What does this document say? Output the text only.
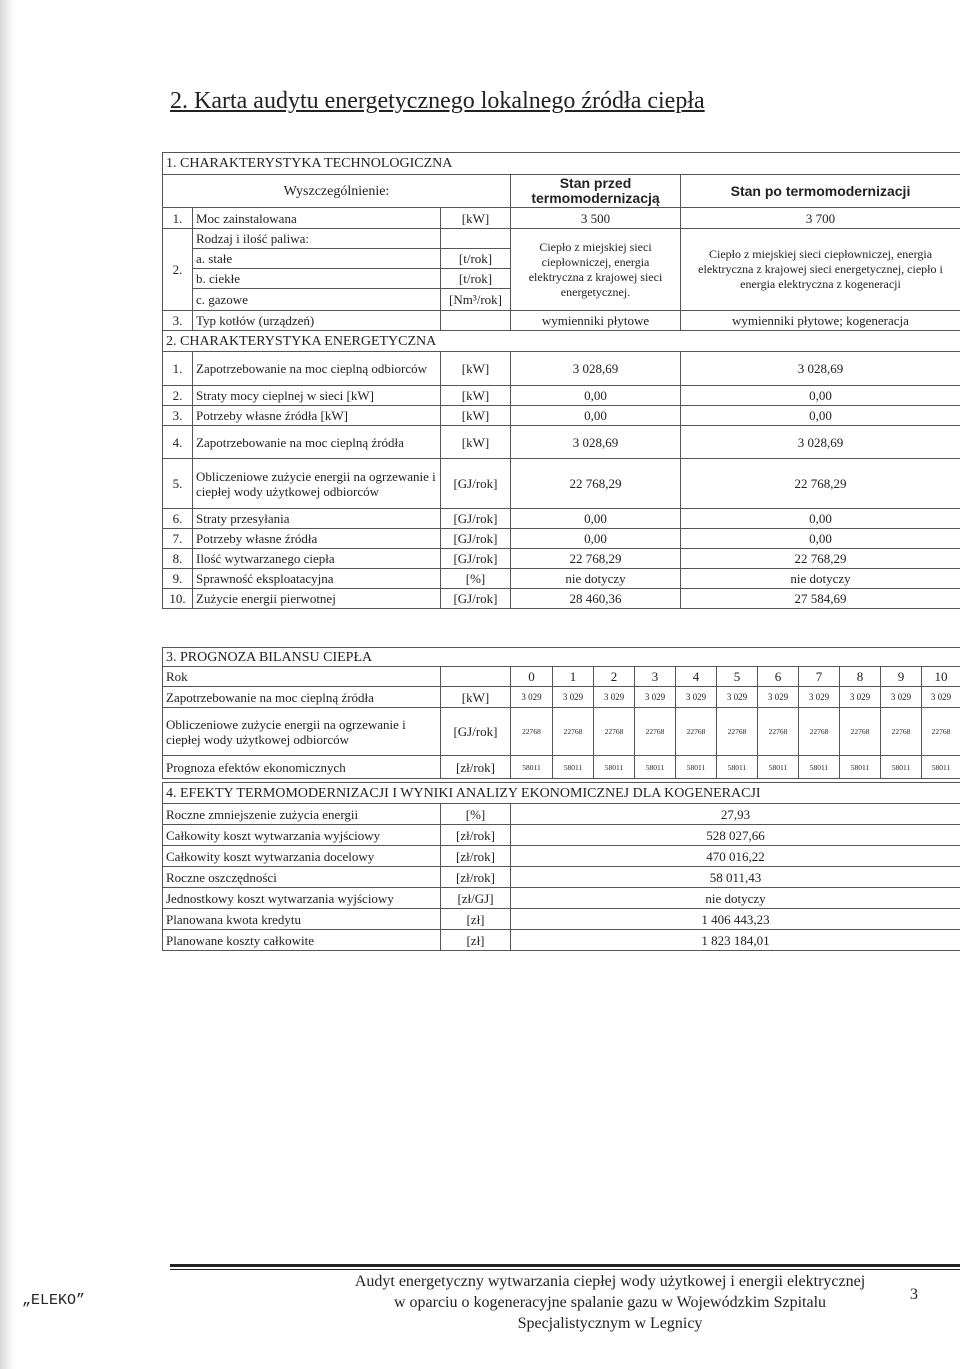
2. Karta audytu energetycznego lokalnego źródła ciepła
1. CHARAKTERYSTYKA TECHNOLOGICZNA				
Wyszczególnienie:			Stan przed termomodernizacją	Stan po termomodernizacji
1.	Moc zainstalowana	[kW]	3 500	3 700
2.	Rodzaj i ilość paliwa:		Ciepło z miejskiej sieci ciepłowniczej, energia elektryczna z krajowej sieci energetycznej.	Ciepło z miejskiej sieci ciepłowniczej, energia elektryczna z krajowej sieci energetycznej, ciepło i energia elektryczna z kogeneracji
	a. stałe	[t/rok]		
	b. ciekłe	[t/rok]		
	c. gazowe	[Nm³/rok]		
3.	Typ kotłów (urządzeń)		wymienniki płytowe	wymienniki płytowe; kogeneracja
2. CHARAKTERYSTYKA ENERGETYCZNA				
1.	Zapotrzebowanie na moc cieplną odbiorców	[kW]	3 028,69	3 028,69
2.	Straty mocy cieplnej w sieci [kW]	[kW]	0,00	0,00
3.	Potrzeby własne źródła [kW]	[kW]	0,00	0,00
4.	Zapotrzebowanie na moc cieplną źródła	[kW]	3 028,69	3 028,69
5.	Obliczeniowe zużycie energii na ogrzewanie i ciepłej wody użytkowej odbiorców	[GJ/rok]	22 768,29	22 768,29
6.	Straty przesyłania	[GJ/rok]	0,00	0,00
7.	Potrzeby własne źródła	[GJ/rok]	0,00	0,00
8.	Ilość wytwarzanego ciepła	[GJ/rok]	22 768,29	22 768,29
9.	Sprawność eksploatacyjna	[%]	nie dotyczy	nie dotyczy
10.	Zużycie energii pierwotnej	[GJ/rok]	28 460,36	27 584,69
3. PROGNOZA BILANSU CIEPŁA												
Rok		0	1	2	3	4	5	6	7	8	9	10
Zapotrzebowanie na moc cieplną źródła	[kW]	3 029	3 029	3 029	3 029	3 029	3 029	3 029	3 029	3 029	3 029	3 029
Obliczeniowe zużycie energii na ogrzewanie i ciepłej wody użytkowej odbiorców	[GJ/rok]	22768	22768	22768	22768	22768	22768	22768	22768	22768	22768	22768
Prognoza efektów ekonomicznych	[zł/rok]	58011	58011	58011	58011	58011	58011	58011	58011	58011	58011	58011
4. EFEKTY TERMOMODERNIZACJI I WYNIKI ANALIZY EKONOMICZNEJ DLA KOGENERACJI		
Roczne zmniejszenie zużycia energii	[%]	27,93
Całkowity koszt wytwarzania wyjściowy	[zł/rok]	528 027,66
Całkowity koszt wytwarzania docelowy	[zł/rok]	470 016,22
Roczne oszczędności	[zł/rok]	58 011,43
Jednostkowy koszt wytwarzania wyjściowy	[zł/GJ]	nie dotyczy
Planowana kwota kredytu	[zł]	1 406 443,23
Planowane koszty całkowite	[zł]	1 823 184,01
„ELEKO”
Audyt energetyczny wytwarzania ciepłej wody użytkowej i energii elektrycznej
w oparciu o kogeneracyjne spalanie gazu w Wojewódzkim Szpitalu
Specjalistycznym w Legnicy
3
